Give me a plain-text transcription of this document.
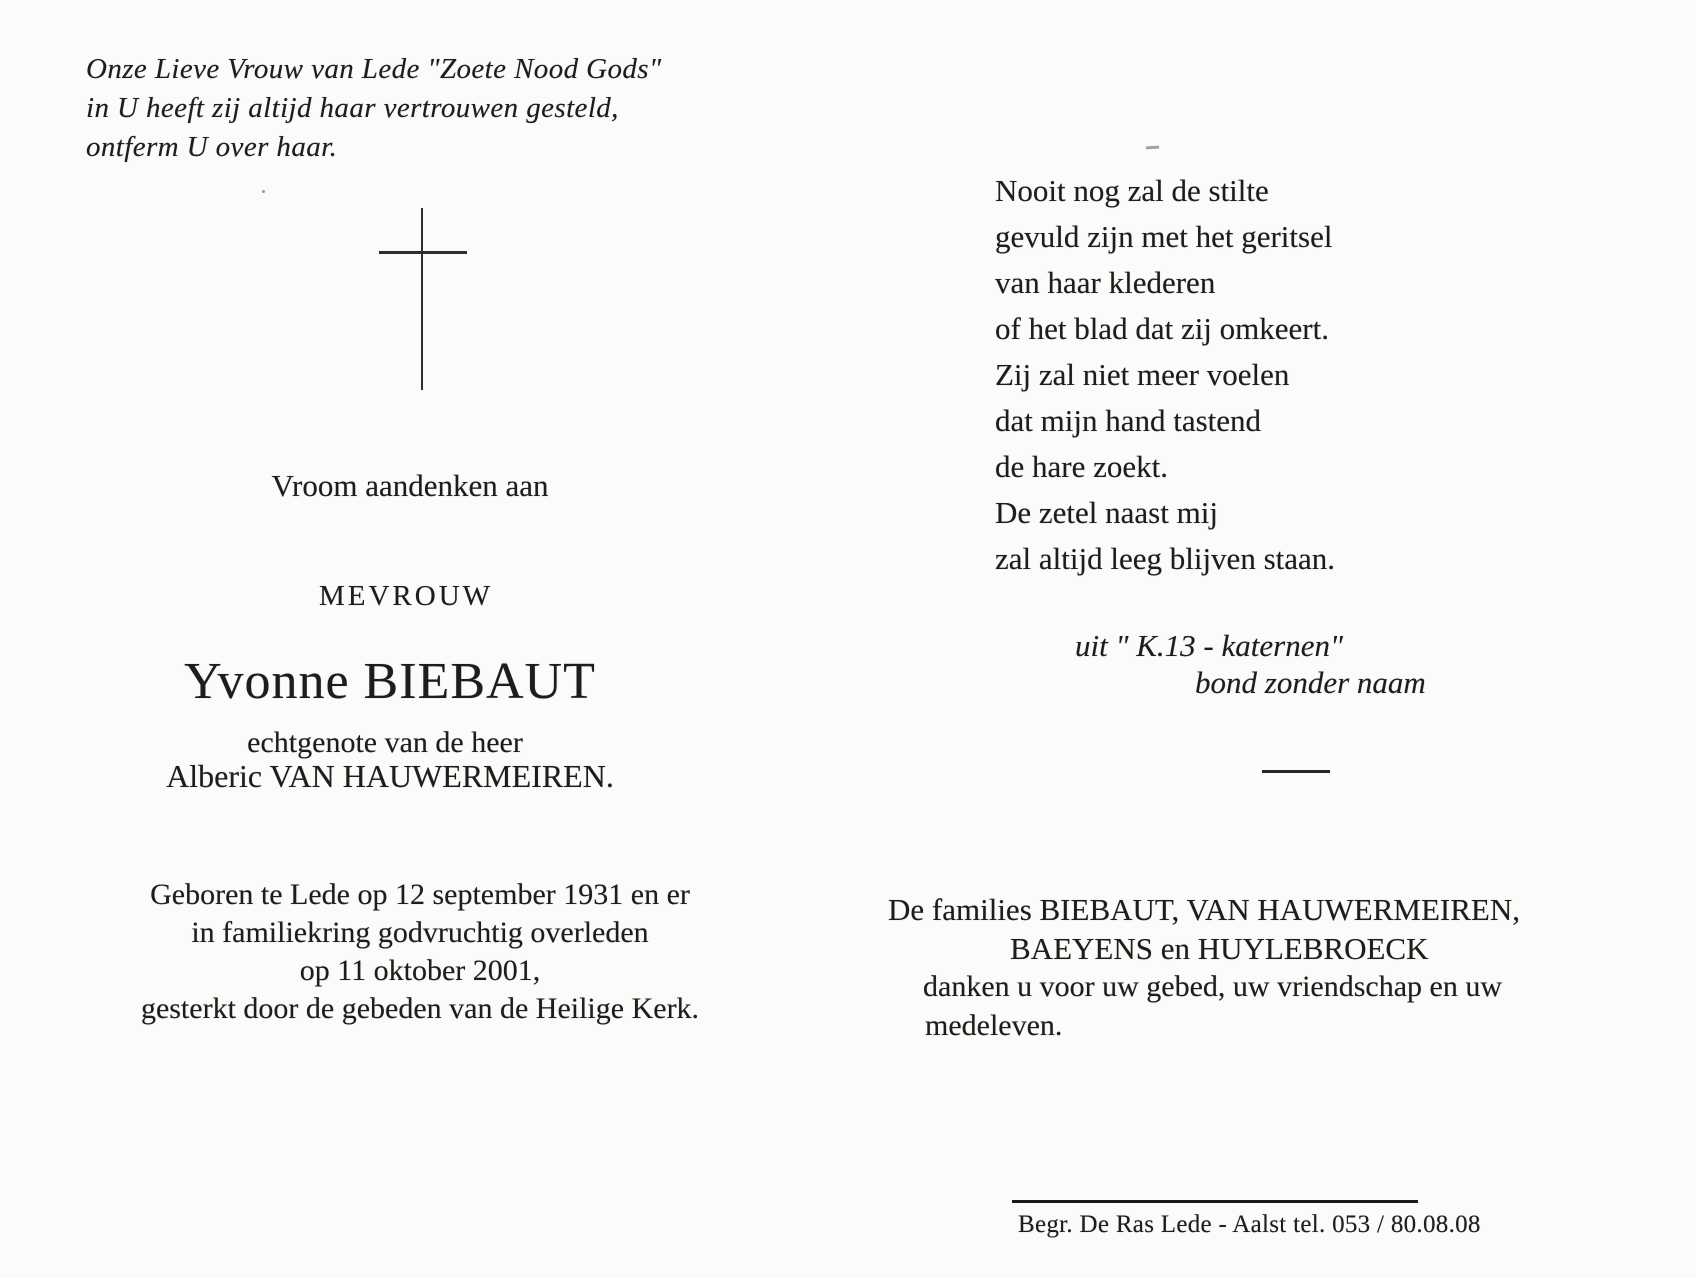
Onze Lieve Vrouw van Lede "Zoete Nood Gods"
in U heeft zij altijd haar vertrouwen gesteld,
ontferm U over haar.
Vroom aandenken aan
MEVROUW
Yvonne BIEBAUT
echtgenote van de heer
Alberic VAN HAUWERMEIREN.
Geboren te Lede op 12 september 1931 en er
in familiekring godvruchtig overleden
op 11 oktober 2001,
gesterkt door de gebeden van de Heilige Kerk.
Nooit nog zal de stilte
gevuld zijn met het geritsel
van haar klederen
of het blad dat zij omkeert.
Zij zal niet meer voelen
dat mijn hand tastend
de hare zoekt.
De zetel naast mij
zal altijd leeg blijven staan.
uit " K.13 - katernen"
bond zonder naam
De families BIEBAUT, VAN HAUWERMEIREN,
BAEYENS en HUYLEBROECK
danken u voor uw gebed, uw vriendschap en uw
medeleven.
Begr. De Ras Lede - Aalst tel. 053 / 80.08.08
